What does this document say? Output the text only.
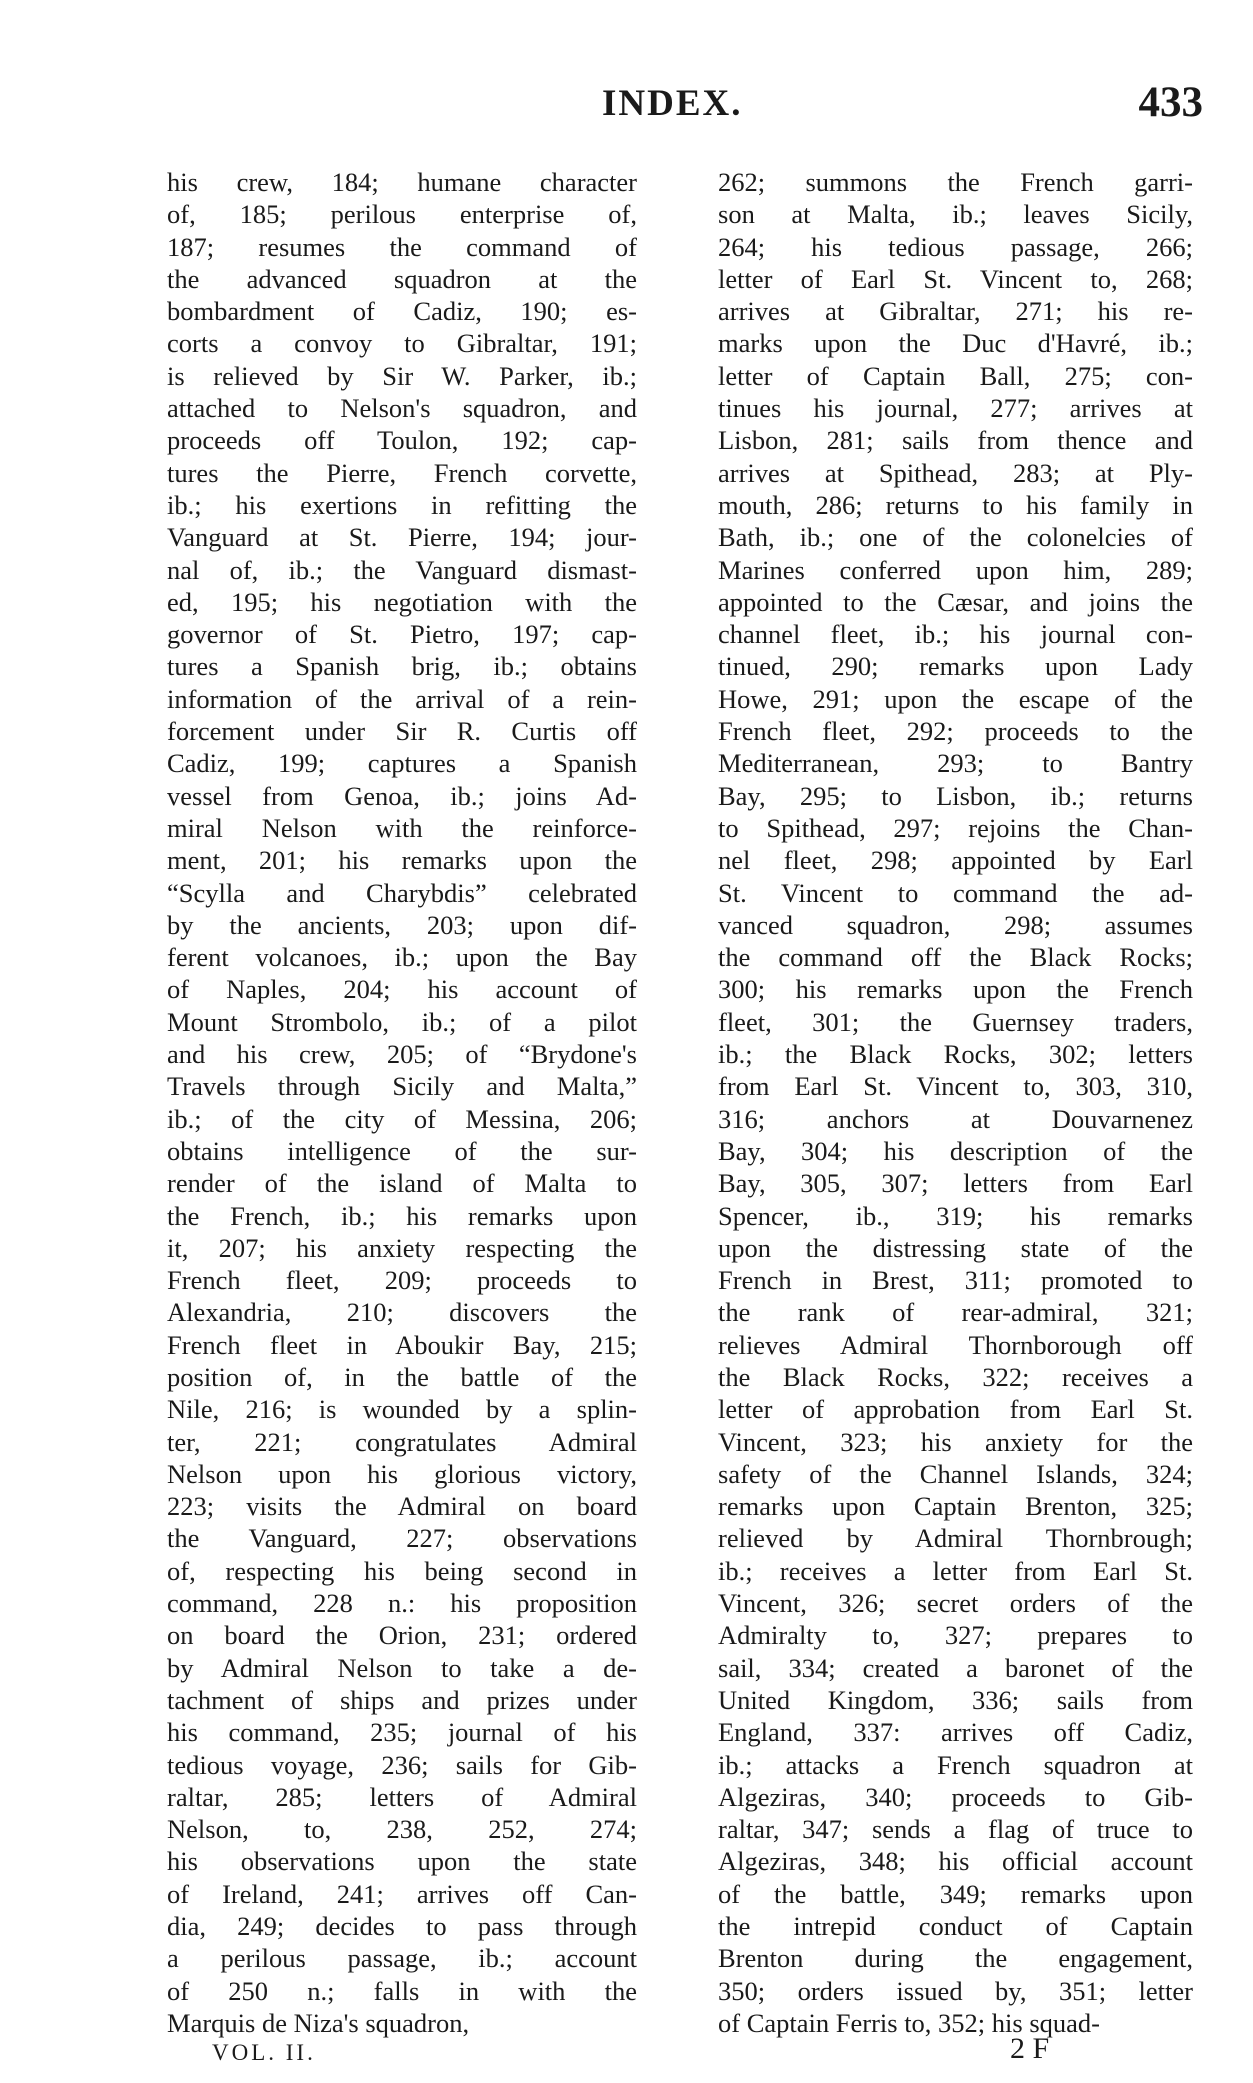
INDEX.	433
his crew, 184; humane character
of, 185; perilous enterprise of,
187; resumes the command of
the advanced squadron at the
bombardment of Cadiz, 190; es-
corts a convoy to Gibraltar, 191;
is relieved by Sir W. Parker, ib.;
attached to Nelson's squadron, and
proceeds off Toulon, 192; cap-
tures the Pierre, French corvette,
ib.; his exertions in refitting the
Vanguard at St. Pierre, 194; jour-
nal of, ib.; the Vanguard dismast-
ed, 195; his negotiation with the
governor of St. Pietro, 197; cap-
tures a Spanish brig, ib.; obtains
information of the arrival of a rein-
forcement under Sir R. Curtis off
Cadiz, 199; captures a Spanish
vessel from Genoa, ib.; joins Ad-
miral Nelson with the reinforce-
ment, 201; his remarks upon the
“Scylla and Charybdis” celebrated
by the ancients, 203; upon dif-
ferent volcanoes, ib.; upon the Bay
of Naples, 204; his account of
Mount Strombolo, ib.; of a pilot
and his crew, 205; of “Brydone's
Travels through Sicily and Malta,”
ib.; of the city of Messina, 206;
obtains intelligence of the sur-
render of the island of Malta to
the French, ib.; his remarks upon
it, 207; his anxiety respecting the
French fleet, 209; proceeds to
Alexandria, 210; discovers the
French fleet in Aboukir Bay, 215;
position of, in the battle of the
Nile, 216; is wounded by a splin-
ter, 221; congratulates Admiral
Nelson upon his glorious victory,
223; visits the Admiral on board
the Vanguard, 227; observations
of, respecting his being second in
command, 228 n.: his proposition
on board the Orion, 231; ordered
by Admiral Nelson to take a de-
tachment of ships and prizes under
his command, 235; journal of his
tedious voyage, 236; sails for Gib-
raltar, 285; letters of Admiral
Nelson, to, 238, 252, 274;
his observations upon the state
of Ireland, 241; arrives off Can-
dia, 249; decides to pass through
a perilous passage, ib.; account
of 250 n.; falls in with the
Marquis de Niza's squadron,
262; summons the French garri-
son at Malta, ib.; leaves Sicily,
264; his tedious passage, 266;
letter of Earl St. Vincent to, 268;
arrives at Gibraltar, 271; his re-
marks upon the Duc d'Havré, ib.;
letter of Captain Ball, 275; con-
tinues his journal, 277; arrives at
Lisbon, 281; sails from thence and
arrives at Spithead, 283; at Ply-
mouth, 286; returns to his family in
Bath, ib.; one of the colonelcies of
Marines conferred upon him, 289;
appointed to the Cæsar, and joins the
channel fleet, ib.; his journal con-
tinued, 290; remarks upon Lady
Howe, 291; upon the escape of the
French fleet, 292; proceeds to the
Mediterranean, 293; to Bantry
Bay, 295; to Lisbon, ib.; returns
to Spithead, 297; rejoins the Chan-
nel fleet, 298; appointed by Earl
St. Vincent to command the ad-
vanced squadron, 298; assumes
the command off the Black Rocks;
300; his remarks upon the French
fleet, 301; the Guernsey traders,
ib.; the Black Rocks, 302; letters
from Earl St. Vincent to, 303, 310,
316; anchors at Douvarnenez
Bay, 304; his description of the
Bay, 305, 307; letters from Earl
Spencer, ib., 319; his remarks
upon the distressing state of the
French in Brest, 311; promoted to
the rank of rear-admiral, 321;
relieves Admiral Thornborough off
the Black Rocks, 322; receives a
letter of approbation from Earl St.
Vincent, 323; his anxiety for the
safety of the Channel Islands, 324;
remarks upon Captain Brenton, 325;
relieved by Admiral Thornbrough;
ib.; receives a letter from Earl St.
Vincent, 326; secret orders of the
Admiralty to, 327; prepares to
sail, 334; created a baronet of the
United Kingdom, 336; sails from
England, 337: arrives off Cadiz,
ib.; attacks a French squadron at
Algeziras, 340; proceeds to Gib-
raltar, 347; sends a flag of truce to
Algeziras, 348; his official account
of the battle, 349; remarks upon
the intrepid conduct of Captain
Brenton during the engagement,
350; orders issued by, 351; letter
of Captain Ferris to, 352; his squad-
VOL. II.	2 F
